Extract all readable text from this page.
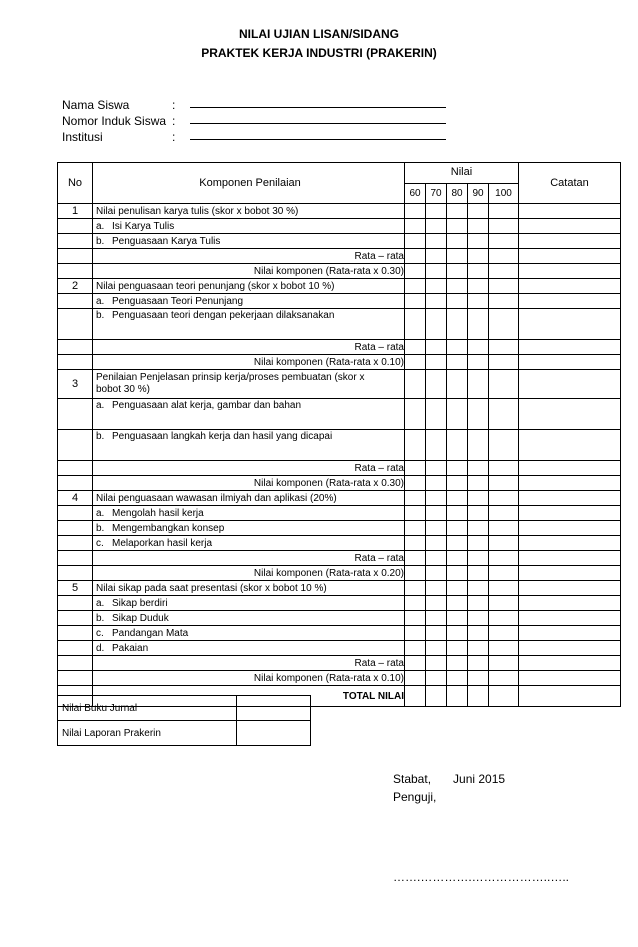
NILAI UJIAN LISAN/SIDANG
PRAKTEK KERJA INDUSTRI (PRAKERIN)
Nama Siswa	:
Nomor Induk Siswa :
Institusi	:
No	Komponen Penilaian	Nilai					Catatan
		60	70	80	90	100	
1	Nilai penulisan karya tulis (skor x bobot 30 %)						
	a. Isi Karya Tulis						
	b. Penguasaan Karya Tulis						
	Rata – rata						
	Nilai komponen (Rata-rata x 0.30)						
2	Nilai penguasaan teori penunjang (skor x bobot 10 %)						
	a. Penguasaan Teori Penunjang						
	b. Penguasaan teori dengan pekerjaan dilaksanakan						
	Rata – rata						
	Nilai komponen (Rata-rata x 0.10)						
3	Penilaian Penjelasan prinsip kerja/proses pembuatan (skor x bobot 30 %)						
	a. Penguasaan alat kerja, gambar dan bahan						
	b. Penguasaan langkah kerja dan hasil yang dicapai						
	Rata – rata						
	Nilai komponen (Rata-rata x 0.30)						
4	Nilai penguasaan wawasan ilmiyah dan aplikasi (20%)						
	a. Mengolah hasil kerja						
	b. Mengembangkan konsep						
	c. Melaporkan hasil kerja						
	Rata – rata						
	Nilai komponen (Rata-rata x 0.20)						
5	Nilai sikap pada saat presentasi (skor x bobot 10 %)						
	a. Sikap berdiri						
	b. Sikap Duduk						
	c. Pandangan Mata						
	d. Pakaian						
	Rata – rata						
	Nilai komponen (Rata-rata x 0.10)						
	TOTAL NILAI						
Nilai Buku Jurnal	
Nilai Laporan Prakerin	
Stabat, Juni 2015
Penguji,
…….………….………………..…..
